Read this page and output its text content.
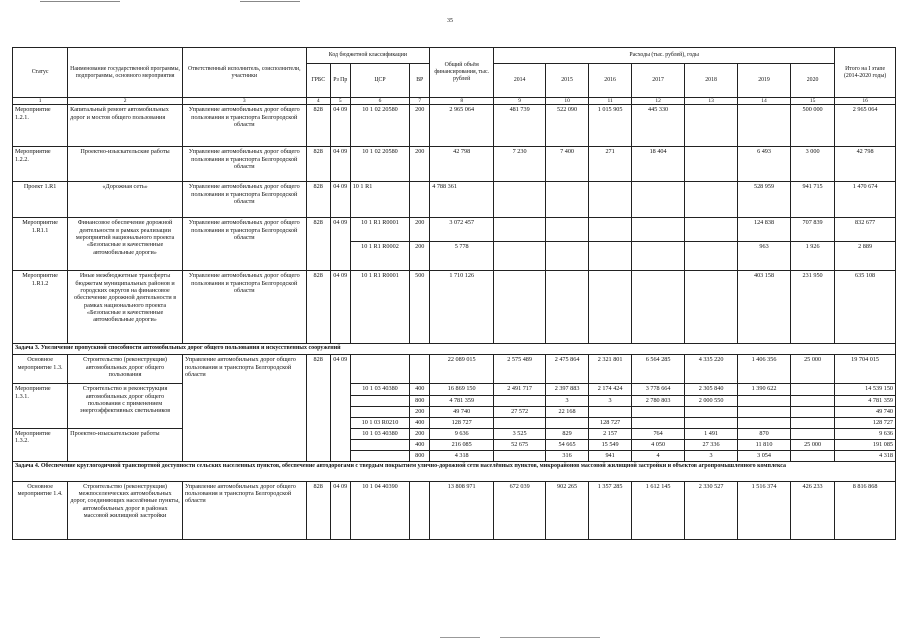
35
Статус	Наименование государственной программы, подпрограммы, основного мероприятия	Ответственный исполнитель, соисполнители, участники	Код бюджетной классификации				Общий объём финансирования, тыс. рублей	Расходы (тыс. рублей), годы							Итого на I этапе (2014-2020 годы)
			ГРБС	Рз Пр	ЦСР	ВР		2014	2015	2016	2017	2018	2019	2020	
1	2	3	4	5	6	7	8	9	10	11	12	13	14	15	16
Мероприятие 1.2.1.	Капитальный ремонт автомобильных дорог и мостов общего пользования	Управление автомобильных дорог общего пользования и транспорта Белгородской области	828	04 09	10 1 02 20580	200	2 965 064	481 739	522 090	1 015 905	445 330			500 000	2 965 064
Мероприятие 1.2.2.	Проектно-изыскательские работы	Управление автомобильных дорог общего пользования и транспорта Белгородской области	828	04 09	10 1 02 20580	200	42 798	7 230	7 400	271	18 404		6 493	3 000	42 798
Проект 1.R1	«Дорожная сеть»	Управление автомобильных дорог общего пользования и транспорта Белгородской области	828	04 09	10 1 R1		4 788 361						528 959	941 715	1 470 674
Мероприятие 1.R1.1	Финансовое обеспечение дорожной деятельности в рамках реализации мероприятий национального проекта «Безопасные и качественные автомобильные дороги»	Управление автомобильных дорог общего пользования и транспорта Белгородской области	828	04 09	10 1 R1 R0001	200	3 072 457						124 838	707 839	832 677
					10 1 R1 R0002	200	5 778						963	1 926	2 889
Мероприятие 1.R1.2	Иные межбюджетные трансферты бюджетам муниципальных районов и городских округов на финансовое обеспечение дорожной деятельности в рамках национального проекта «Безопасные и качественные автомобильные дороги»	Управление автомобильных дорог общего пользования и транспорта Белгородской области	828	04 09	10 1 R1 R0001	500	1 710 126						403 158	231 950	635 108
Задача 3. Увеличение пропускной способности автомобильных дорог общего пользования и искусственных сооружений															
Основное мероприятие 1.3.	Строительство (реконструкция) автомобильных дорог общего пользования	Управление автомобильных дорог общего пользования и транспорта Белгородской области	828	04 09			22 089 015	2 575 489	2 475 864	2 321 801	6 564 285	4 335 220	1 406 356	25 000	19 704 015
Мероприятие 1.3.1.	Строительство и реконструкция автомобильных дорог общего пользования с применением энергоэффективных светильников				10 1 03 40380	400	16 869 150	2 491 717	2 397 883	2 174 424	3 778 664	2 305 840	1 390 622		14 539 150
						800	4 781 359		3	3	2 780 803	2 000 550			4 781 359
						200	49 740	27 572	22 168						49 740
					10 1 03 R0210	400	128 727			128 727					128 727
Мероприятие 1.3.2.	Проектно-изыскательские работы				10 1 03 40380	200	9 636	3 525	829	2 157	764	1 491	870		9 636
						400	216 085	52 675	54 665	15 549	4 050	27 336	11 810	25 000	191 085
						800	4 318		316	941	4	3	3 054		4 318
Задача 4. Обеспечение круглогодичной транспортной доступности сельских населенных пунктов, обеспечение автодорогами с твердым покрытием улично-дорожной сети населённых пунктов, микрорайонов массовой жилищной застройки и объектов агропромышленного комплекса															
Основное мероприятие 1.4.	Строительство (реконструкция) межпоселенческих автомобильных дорог, соединяющих населённые пункты, автомобильных дорог в районах массовой жилищной застройки	Управление автомобильных дорог общего пользования и транспорта Белгородской области	828	04 09	10 1 04 40390		13 808 971	672 039	902 265	1 357 285	1 612 145	2 330 527	1 516 374	426 233	8 816 868
